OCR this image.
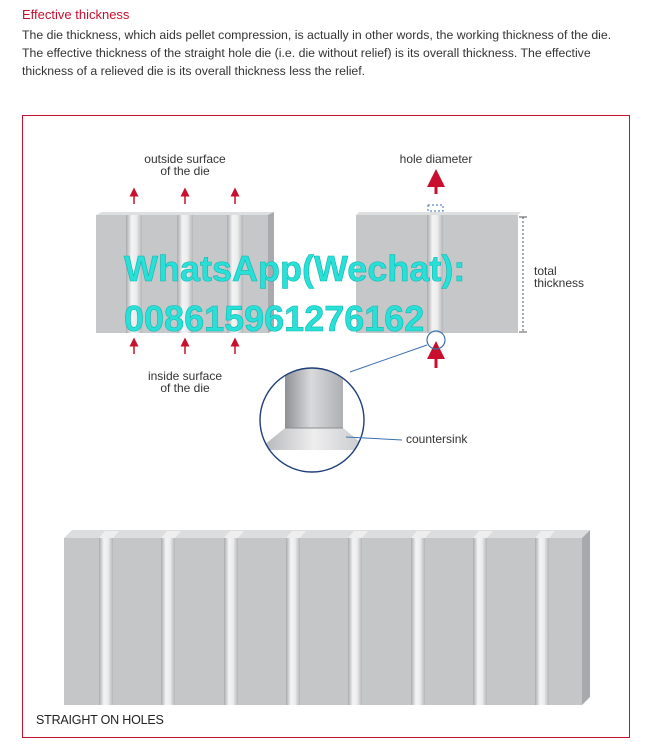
Effective thickness
The die thickness, which aids pellet compression, is actually in other words, the working thickness of the die. The effective thickness of the straight hole die (i.e. die without relief) is its overall thickness. The effective thickness of a relieved die is its overall thickness less the relief.
outside surface
of the die
inside surface
of the die
hole diameter
total
thickness
countersink
WhatsApp(Wechat):
008615961276162
STRAIGHT ON HOLES
